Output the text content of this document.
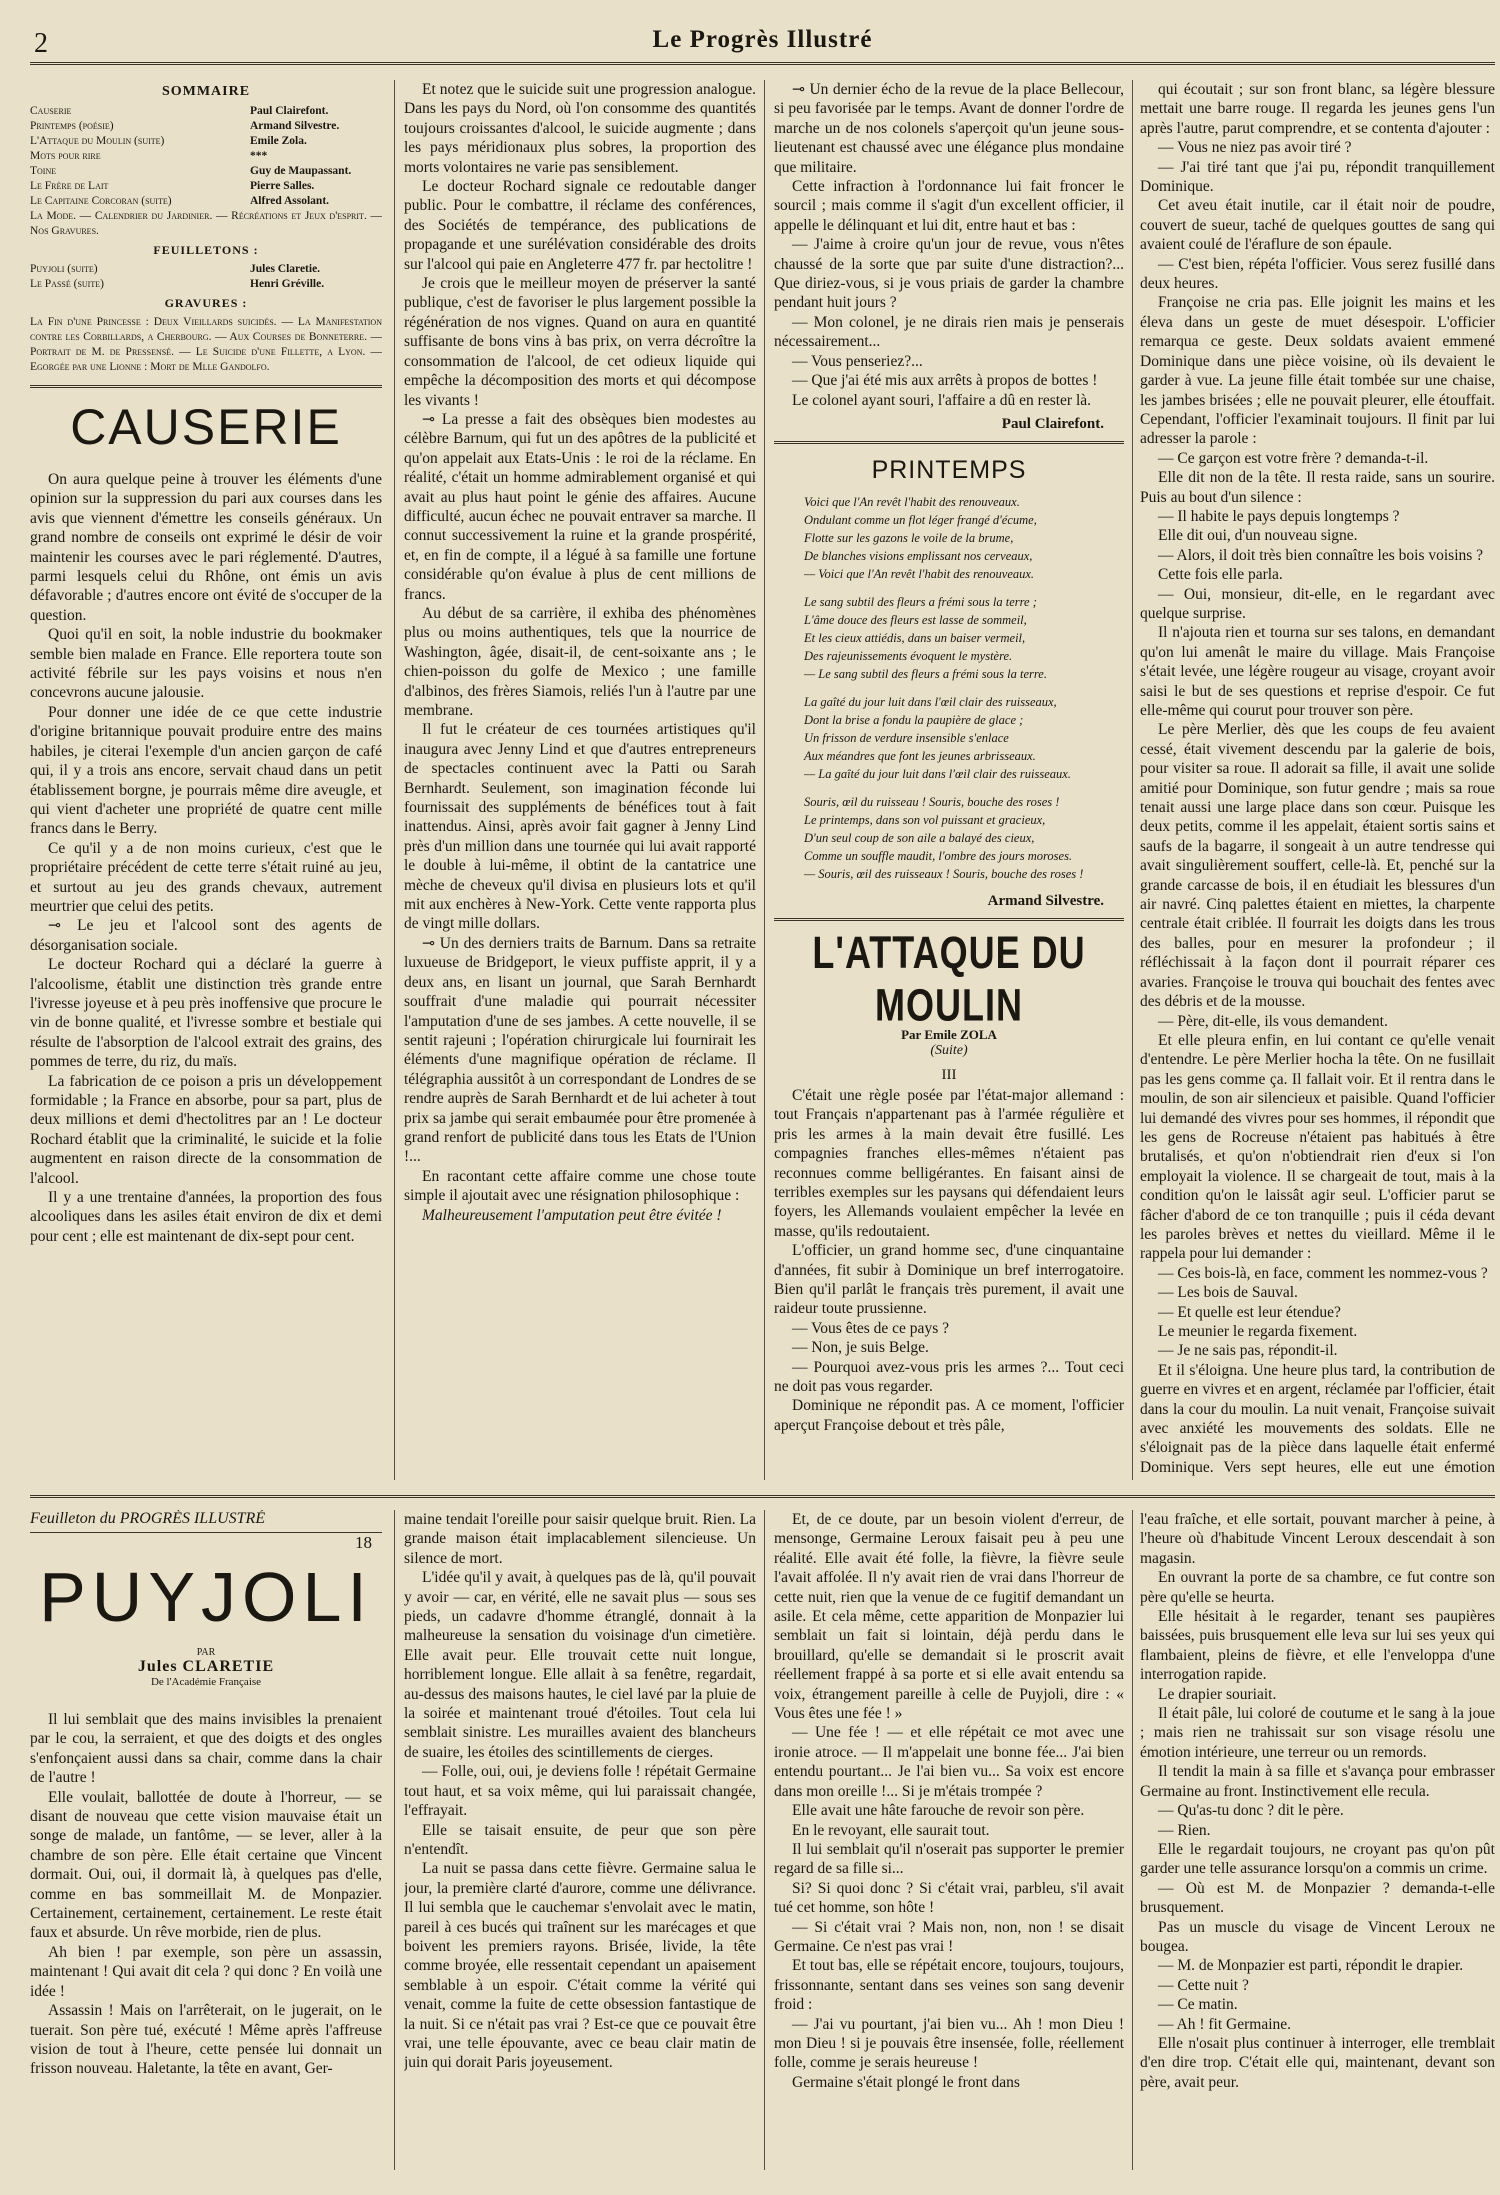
2	Le Progrès Illustré
SOMMAIRE
Causerie	Paul Clairefont.
Printemps (poésie)	Armand Silvestre.
L'Attaque du Moulin (suite)	Emile Zola.
Mots pour rire	***
Toine	Guy de Maupassant.
Le Frère de Lait	Pierre Salles.
Le Capitaine Corcoran (suite)	Alfred Assolant.
La Mode. — Calendrier du Jardinier. — Récréations et Jeux d'esprit. — Nos Gravures.
FEUILLETONS :
Puyjoli (suite)	Jules Claretie.
Le Passé (suite)	Henri Gréville.
GRAVURES :
La Fin d'une Princesse : Deux Vieillards suicidés. — La Manifestation contre les Corbillards, a Cherbourg. — Aux Courses de Bonneterre. — Portrait de M. de Pressensé. — Le Suicide d'une Fillette, a Lyon. — Egorgée par une Lionne : Mort de Mlle Gandolfo.
CAUSERIE

On aura quelque peine à trouver les éléments d'une opinion sur la suppression du pari aux courses dans les avis que viennent d'émettre les conseils généraux. Un grand nombre de conseils ont exprimé le désir de voir maintenir les courses avec le pari réglementé. D'autres, parmi lesquels celui du Rhône, ont émis un avis défavorable ; d'autres encore ont évité de s'occuper de la question.

Quoi qu'il en soit, la noble industrie du bookmaker semble bien malade en France. Elle reportera toute son activité fébrile sur les pays voisins et nous n'en concevrons aucune jalousie.

Pour donner une idée de ce que cette industrie d'origine britannique pouvait produire entre des mains habiles, je citerai l'exemple d'un ancien garçon de café qui, il y a trois ans encore, servait chaud dans un petit établissement borgne, je pourrais même dire aveugle, et qui vient d'acheter une propriété de quatre cent mille francs dans le Berry.

Ce qu'il y a de non moins curieux, c'est que le propriétaire précédent de cette terre s'était ruiné au jeu, et surtout au jeu des grands chevaux, autrement meurtrier que celui des petits.

⊸ Le jeu et l'alcool sont des agents de désorganisation sociale.

Le docteur Rochard qui a déclaré la guerre à l'alcoolisme, établit une distinction très grande entre l'ivresse joyeuse et à peu près inoffensive que procure le vin de bonne qualité, et l'ivresse sombre et bestiale qui résulte de l'absorption de l'alcool extrait des grains, des pommes de terre, du riz, du maïs.

La fabrication de ce poison a pris un développement formidable ; la France en absorbe, pour sa part, plus de deux millions et demi d'hectolitres par an ! Le docteur Rochard établit que la criminalité, le suicide et la folie augmentent en raison directe de la consommation de l'alcool.

Il y a une trentaine d'années, la proportion des fous alcooliques dans les asiles était environ de dix et demi pour cent ; elle est maintenant de dix-sept pour cent.

Et notez que le suicide suit une progression analogue. Dans les pays du Nord, où l'on consomme des quantités toujours croissantes d'alcool, le suicide augmente ; dans les pays méridionaux plus sobres, la proportion des morts volontaires ne varie pas sensiblement.

Le docteur Rochard signale ce redoutable danger public. Pour le combattre, il réclame des conférences, des Sociétés de tempérance, des publications de propagande et une surélévation considérable des droits sur l'alcool qui paie en Angleterre 477 fr. par hectolitre !

Je crois que le meilleur moyen de préserver la santé publique, c'est de favoriser le plus largement possible la régénération de nos vignes. Quand on aura en quantité suffisante de bons vins à bas prix, on verra décroître la consommation de l'alcool, de cet odieux liquide qui empêche la décomposition des morts et qui décompose les vivants !

⊸ La presse a fait des obsèques bien modestes au célèbre Barnum, qui fut un des apôtres de la publicité et qu'on appelait aux Etats-Unis : le roi de la réclame. En réalité, c'était un homme admirablement organisé et qui avait au plus haut point le génie des affaires. Aucune difficulté, aucun échec ne pouvait entraver sa marche. Il connut successivement la ruine et la grande prospérité, et, en fin de compte, il a légué à sa famille une fortune considérable qu'on évalue à plus de cent millions de francs.

Au début de sa carrière, il exhiba des phénomènes plus ou moins authentiques, tels que la nourrice de Washington, âgée, disait-il, de cent-soixante ans ; le chien-poisson du golfe de Mexico ; une famille d'albinos, des frères Siamois, reliés l'un à l'autre par une membrane.

Il fut le créateur de ces tournées artistiques qu'il inaugura avec Jenny Lind et que d'autres entrepreneurs de spectacles continuent avec la Patti ou Sarah Bernhardt. Seulement, son imagination féconde lui fournissait des suppléments de bénéfices tout à fait inattendus. Ainsi, après avoir fait gagner à Jenny Lind près d'un million dans une tournée qui lui avait rapporté le double à lui-même, il obtint de la cantatrice une mèche de cheveux qu'il divisa en plusieurs lots et qu'il mit aux enchères à New-York. Cette vente rapporta plus de vingt mille dollars.

⊸ Un des derniers traits de Barnum. Dans sa retraite luxueuse de Bridgeport, le vieux puffiste apprit, il y a deux ans, en lisant un journal, que Sarah Bernhardt souffrait d'une maladie qui pourrait nécessiter l'amputation d'une de ses jambes. A cette nouvelle, il se sentit rajeuni ; l'opération chirurgicale lui fournirait les éléments d'une magnifique opération de réclame. Il télégraphia aussitôt à un correspondant de Londres de se rendre auprès de Sarah Bernhardt et de lui acheter à tout prix sa jambe qui serait embaumée pour être promenée à grand renfort de publicité dans tous les Etats de l'Union !...

En racontant cette affaire comme une chose toute simple il ajoutait avec une résignation philosophique :

Malheureusement l'amputation peut être évitée !

⊸ Un dernier écho de la revue de la place Bellecour, si peu favorisée par le temps. Avant de donner l'ordre de marche un de nos colonels s'aperçoit qu'un jeune sous-lieutenant est chaussé avec une élégance plus mondaine que militaire.

Cette infraction à l'ordonnance lui fait froncer le sourcil ; mais comme il s'agit d'un excellent officier, il appelle le délinquant et lui dit, entre haut et bas :

— J'aime à croire qu'un jour de revue, vous n'êtes chaussé de la sorte que par suite d'une distraction?... Que diriez-vous, si je vous priais de garder la chambre pendant huit jours ?

— Mon colonel, je ne dirais rien mais je penserais nécessairement...

— Vous penseriez?...

— Que j'ai été mis aux arrêts à propos de bottes !

Le colonel ayant souri, l'affaire a dû en rester là.

Paul Clairefont.
PRINTEMPS
Voici que l'An revêt l'habit des renouveaux.
Ondulant comme un flot léger frangé d'écume,
Flotte sur les gazons le voile de la brume,
De blanches visions emplissant nos cerveaux,
— Voici que l'An revêt l'habit des renouveaux.
Le sang subtil des fleurs a frémi sous la terre ;
L'âme douce des fleurs est lasse de sommeil,
Et les cieux attiédis, dans un baiser vermeil,
Des rajeunissements évoquent le mystère.
— Le sang subtil des fleurs a frémi sous la terre.
La gaîté du jour luit dans l'œil clair des ruisseaux,
Dont la brise a fondu la paupière de glace ;
Un frisson de verdure insensible s'enlace
Aux méandres que font les jeunes arbrisseaux.
— La gaîté du jour luit dans l'œil clair des ruisseaux.
Souris, œil du ruisseau ! Souris, bouche des roses !
Le printemps, dans son vol puissant et gracieux,
D'un seul coup de son aile a balayé des cieux,
Comme un souffle maudit, l'ombre des jours moroses.
— Souris, œil des ruisseaux ! Souris, bouche des roses !
Armand Silvestre.
L'ATTAQUE DU MOULIN
Par Emile ZOLA
(Suite)
III

C'était une règle posée par l'état-major allemand : tout Français n'appartenant pas à l'armée régulière et pris les armes à la main devait être fusillé. Les compagnies franches elles-mêmes n'étaient pas reconnues comme belligérantes. En faisant ainsi de terribles exemples sur les paysans qui défendaient leurs foyers, les Allemands voulaient empêcher la levée en masse, qu'ils redoutaient.

L'officier, un grand homme sec, d'une cinquantaine d'années, fit subir à Dominique un bref interrogatoire. Bien qu'il parlât le français très purement, il avait une raideur toute prussienne.

— Vous êtes de ce pays ?

— Non, je suis Belge.

— Pourquoi avez-vous pris les armes ?... Tout ceci ne doit pas vous regarder.

Dominique ne répondit pas. A ce moment, l'officier aperçut Françoise debout et très pâle,

qui écoutait ; sur son front blanc, sa légère blessure mettait une barre rouge. Il regarda les jeunes gens l'un après l'autre, parut comprendre, et se contenta d'ajouter :

— Vous ne niez pas avoir tiré ?

— J'ai tiré tant que j'ai pu, répondit tranquillement Dominique.

Cet aveu était inutile, car il était noir de poudre, couvert de sueur, taché de quelques gouttes de sang qui avaient coulé de l'éraflure de son épaule.

— C'est bien, répéta l'officier. Vous serez fusillé dans deux heures.

Françoise ne cria pas. Elle joignit les mains et les éleva dans un geste de muet désespoir. L'officier remarqua ce geste. Deux soldats avaient emmené Dominique dans une pièce voisine, où ils devaient le garder à vue. La jeune fille était tombée sur une chaise, les jambes brisées ; elle ne pouvait pleurer, elle étouffait. Cependant, l'officier l'examinait toujours. Il finit par lui adresser la parole :

— Ce garçon est votre frère ? demanda-t-il.

Elle dit non de la tête. Il resta raide, sans un sourire. Puis au bout d'un silence :

— Il habite le pays depuis longtemps ?

Elle dit oui, d'un nouveau signe.

— Alors, il doit très bien connaître les bois voisins ?

Cette fois elle parla.

— Oui, monsieur, dit-elle, en le regardant avec quelque surprise.

Il n'ajouta rien et tourna sur ses talons, en demandant qu'on lui amenât le maire du village. Mais Françoise s'était levée, une légère rougeur au visage, croyant avoir saisi le but de ses questions et reprise d'espoir. Ce fut elle-même qui courut pour trouver son père.

Le père Merlier, dès que les coups de feu avaient cessé, était vivement descendu par la galerie de bois, pour visiter sa roue. Il adorait sa fille, il avait une solide amitié pour Dominique, son futur gendre ; mais sa roue tenait aussi une large place dans son cœur. Puisque les deux petits, comme il les appelait, étaient sortis sains et saufs de la bagarre, il songeait à un autre tendresse qui avait singulièrement souffert, celle-là. Et, penché sur la grande carcasse de bois, il en étudiait les blessures d'un air navré. Cinq palettes étaient en miettes, la charpente centrale était criblée. Il fourrait les doigts dans les trous des balles, pour en mesurer la profondeur ; il réfléchissait à la façon dont il pourrait réparer ces avaries. Françoise le trouva qui bouchait des fentes avec des débris et de la mousse.

— Père, dit-elle, ils vous demandent.

Et elle pleura enfin, en lui contant ce qu'elle venait d'entendre. Le père Merlier hocha la tête. On ne fusillait pas les gens comme ça. Il fallait voir. Et il rentra dans le moulin, de son air silencieux et paisible. Quand l'officier lui demandé des vivres pour ses hommes, il répondit que les gens de Rocreuse n'étaient pas habitués à être brutalisés, et qu'on n'obtiendrait rien d'eux si l'on employait la violence. Il se chargeait de tout, mais à la condition qu'on le laissât agir seul. L'officier parut se fâcher d'abord de ce ton tranquille ; puis il céda devant les paroles brèves et nettes du vieillard. Même il le rappela pour lui demander :

— Ces bois-là, en face, comment les nommez-vous ?

— Les bois de Sauval.

— Et quelle est leur étendue?

Le meunier le regarda fixement.

— Je ne sais pas, répondit-il.

Et il s'éloigna. Une heure plus tard, la contribution de guerre en vivres et en argent, réclamée par l'officier, était dans la cour du moulin. La nuit venait, Françoise suivait avec anxiété les mouvements des soldats. Elle ne s'éloignait pas de la pièce dans laquelle était enfermé Dominique. Vers sept heures, elle eut une émotion

Feuilleton du PROGRÈS ILLUSTRÉ
18
PUYJOLI
PAR
Jules CLARETIE
De l'Académie Française

Il lui semblait que des mains invisibles la prenaient par le cou, la serraient, et que des doigts et des ongles s'enfonçaient aussi dans sa chair, comme dans la chair de l'autre !

Elle voulait, ballottée de doute à l'horreur, — se disant de nouveau que cette vision mauvaise était un songe de malade, un fantôme, — se lever, aller à la chambre de son père. Elle était certaine que Vincent dormait. Oui, oui, il dormait là, à quelques pas d'elle, comme en bas sommeillait M. de Monpazier. Certainement, certainement, certainement. Le reste était faux et absurde. Un rêve morbide, rien de plus.

Ah bien ! par exemple, son père un assassin, maintenant ! Qui avait dit cela ? qui donc ? En voilà une idée !

Assassin ! Mais on l'arrêterait, on le jugerait, on le tuerait. Son père tué, exécuté ! Même après l'affreuse vision de tout à l'heure, cette pensée lui donnait un frisson nouveau. Haletante, la tête en avant, Ger-

maine tendait l'oreille pour saisir quelque bruit. Rien. La grande maison était implacablement silencieuse. Un silence de mort.

L'idée qu'il y avait, à quelques pas de là, qu'il pouvait y avoir — car, en vérité, elle ne savait plus — sous ses pieds, un cadavre d'homme étranglé, donnait à la malheureuse la sensation du voisinage d'un cimetière. Elle avait peur. Elle trouvait cette nuit longue, horriblement longue. Elle allait à sa fenêtre, regardait, au-dessus des maisons hautes, le ciel lavé par la pluie de la soirée et maintenant troué d'étoiles. Tout cela lui semblait sinistre. Les murailles avaient des blancheurs de suaire, les étoiles des scintillements de cierges.

— Folle, oui, oui, je deviens folle ! répétait Germaine tout haut, et sa voix même, qui lui paraissait changée, l'effrayait.

Elle se taisait ensuite, de peur que son père n'entendît.

La nuit se passa dans cette fièvre. Germaine salua le jour, la première clarté d'aurore, comme une délivrance. Il lui sembla que le cauchemar s'envolait avec le matin, pareil à ces bucés qui traînent sur les marécages et que boivent les premiers rayons. Brisée, livide, la tête comme broyée, elle ressentait cependant un apaisement semblable à un espoir. C'était comme la vérité qui venait, comme la fuite de cette obsession fantastique de la nuit. Si ce n'était pas vrai ? Est-ce que ce pouvait être vrai, une telle épouvante, avec ce beau clair matin de juin qui dorait Paris joyeusement.

Et, de ce doute, par un besoin violent d'erreur, de mensonge, Germaine Leroux faisait peu à peu une réalité. Elle avait été folle, la fièvre, la fièvre seule l'avait affolée. Il n'y avait rien de vrai dans l'horreur de cette nuit, rien que la venue de ce fugitif demandant un asile. Et cela même, cette apparition de Monpazier lui semblait un fait si lointain, déjà perdu dans le brouillard, qu'elle se demandait si le proscrit avait réellement frappé à sa porte et si elle avait entendu sa voix, étrangement pareille à celle de Puyjoli, dire : « Vous êtes une fée ! »

— Une fée ! — et elle répétait ce mot avec une ironie atroce. — Il m'appelait une bonne fée... J'ai bien entendu pourtant... Je l'ai bien vu... Sa voix est encore dans mon oreille !... Si je m'étais trompée ?

Elle avait une hâte farouche de revoir son père.

En le revoyant, elle saurait tout.

Il lui semblait qu'il n'oserait pas supporter le premier regard de sa fille si...

Si? Si quoi donc ? Si c'était vrai, parbleu, s'il avait tué cet homme, son hôte !

— Si c'était vrai ? Mais non, non, non ! se disait Germaine. Ce n'est pas vrai !

Et tout bas, elle se répétait encore, toujours, toujours, frissonnante, sentant dans ses veines son sang devenir froid :

— J'ai vu pourtant, j'ai bien vu... Ah ! mon Dieu ! mon Dieu ! si je pouvais être insensée, folle, réellement folle, comme je serais heureuse !

Germaine s'était plongé le front dans

l'eau fraîche, et elle sortait, pouvant marcher à peine, à l'heure où d'habitude Vincent Leroux descendait à son magasin.

En ouvrant la porte de sa chambre, ce fut contre son père qu'elle se heurta.

Elle hésitait à le regarder, tenant ses paupières baissées, puis brusquement elle leva sur lui ses yeux qui flambaient, pleins de fièvre, et elle l'enveloppa d'une interrogation rapide.

Le drapier souriait.

Il était pâle, lui coloré de coutume et le sang à la joue ; mais rien ne trahissait sur son visage résolu une émotion intérieure, une terreur ou un remords.

Il tendit la main à sa fille et s'avança pour embrasser Germaine au front. Instinctivement elle recula.

— Qu'as-tu donc ? dit le père.

— Rien.

Elle le regardait toujours, ne croyant pas qu'on pût garder une telle assurance lorsqu'on a commis un crime.

— Où est M. de Monpazier ? demanda-t-elle brusquement.

Pas un muscle du visage de Vincent Leroux ne bougea.

— M. de Monpazier est parti, répondit le drapier.

— Cette nuit ?

— Ce matin.

— Ah ! fit Germaine.

Elle n'osait plus continuer à interroger, elle tremblait d'en dire trop. C'était elle qui, maintenant, devant son père, avait peur.
